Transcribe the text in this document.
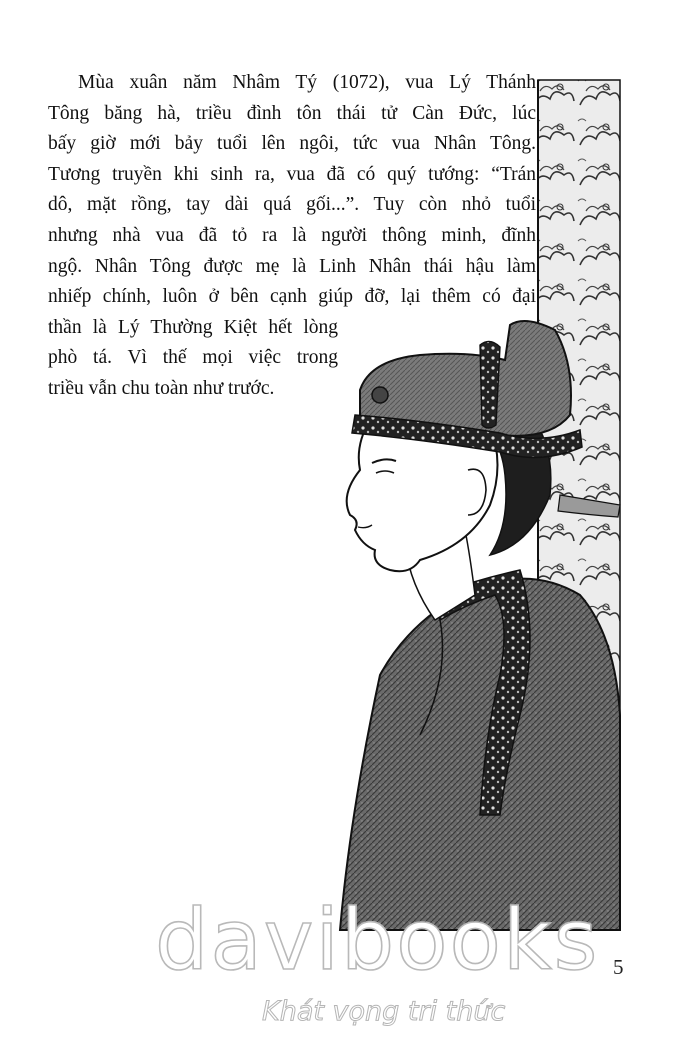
Mùa xuân năm Nhâm Tý (1072), vua Lý Thánh
Tông băng hà, triều đình tôn thái tử Càn Đức, lúc
bấy giờ mới bảy tuổi lên ngôi, tức vua Nhân Tông.
Tương truyền khi sinh ra, vua đã có quý tướng: “Trán
dô, mặt rồng, tay dài quá gối...”. Tuy còn nhỏ tuổi
nhưng nhà vua đã tỏ ra là người thông minh, đĩnh
ngộ. Nhân Tông được mẹ là Linh Nhân thái hậu làm
nhiếp chính, luôn ở bên cạnh giúp đỡ, lại thêm có đại
thần là Lý Thường Kiệt hết lòng
phò tá. Vì thế mọi việc trong
triều vẫn chu toàn như trước.
5
davibooks
Khát vọng tri thức
